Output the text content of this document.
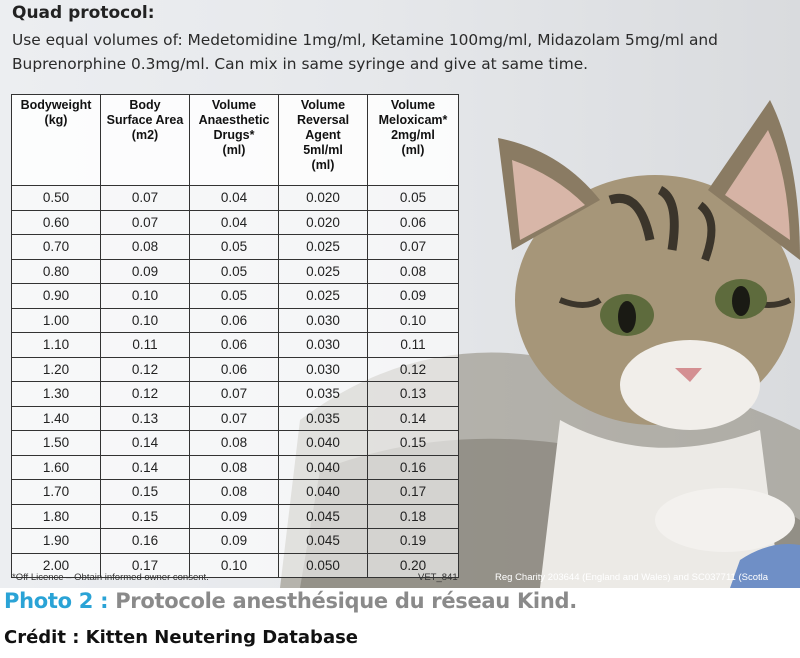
Quad protocol:

Use equal volumes of: Medetomidine 1mg/ml, Ketamine 100mg/ml, Midazolam 5mg/ml and Buprenorphine 0.3mg/ml. Can mix in same syringe and give at same time.

Bodyweight
(kg)	Body
Surface Area
(m2)	Volume
Anaesthetic
Drugs*
(ml)	Volume
Reversal
Agent
5ml/ml
(ml)	Volume
Meloxicam*
2mg/ml
(ml)
0.50	0.07	0.04	0.020	0.05
0.60	0.07	0.04	0.020	0.06
0.70	0.08	0.05	0.025	0.07
0.80	0.09	0.05	0.025	0.08
0.90	0.10	0.05	0.025	0.09
1.00	0.10	0.06	0.030	0.10
1.10	0.11	0.06	0.030	0.11
1.20	0.12	0.06	0.030	0.12
1.30	0.12	0.07	0.035	0.13
1.40	0.13	0.07	0.035	0.14
1.50	0.14	0.08	0.040	0.15
1.60	0.14	0.08	0.040	0.16
1.70	0.15	0.08	0.040	0.17
1.80	0.15	0.09	0.045	0.18
1.90	0.16	0.09	0.045	0.19
2.00	0.17	0.10	0.050	0.20

*Off Licence – Obtain informed owner consent.	VET_841	Reg Charity 203644 (England and Wales) and SC037711 (Scotla

Photo 2 : Protocole anesthésique du réseau Kind.

Crédit : Kitten Neutering Database
